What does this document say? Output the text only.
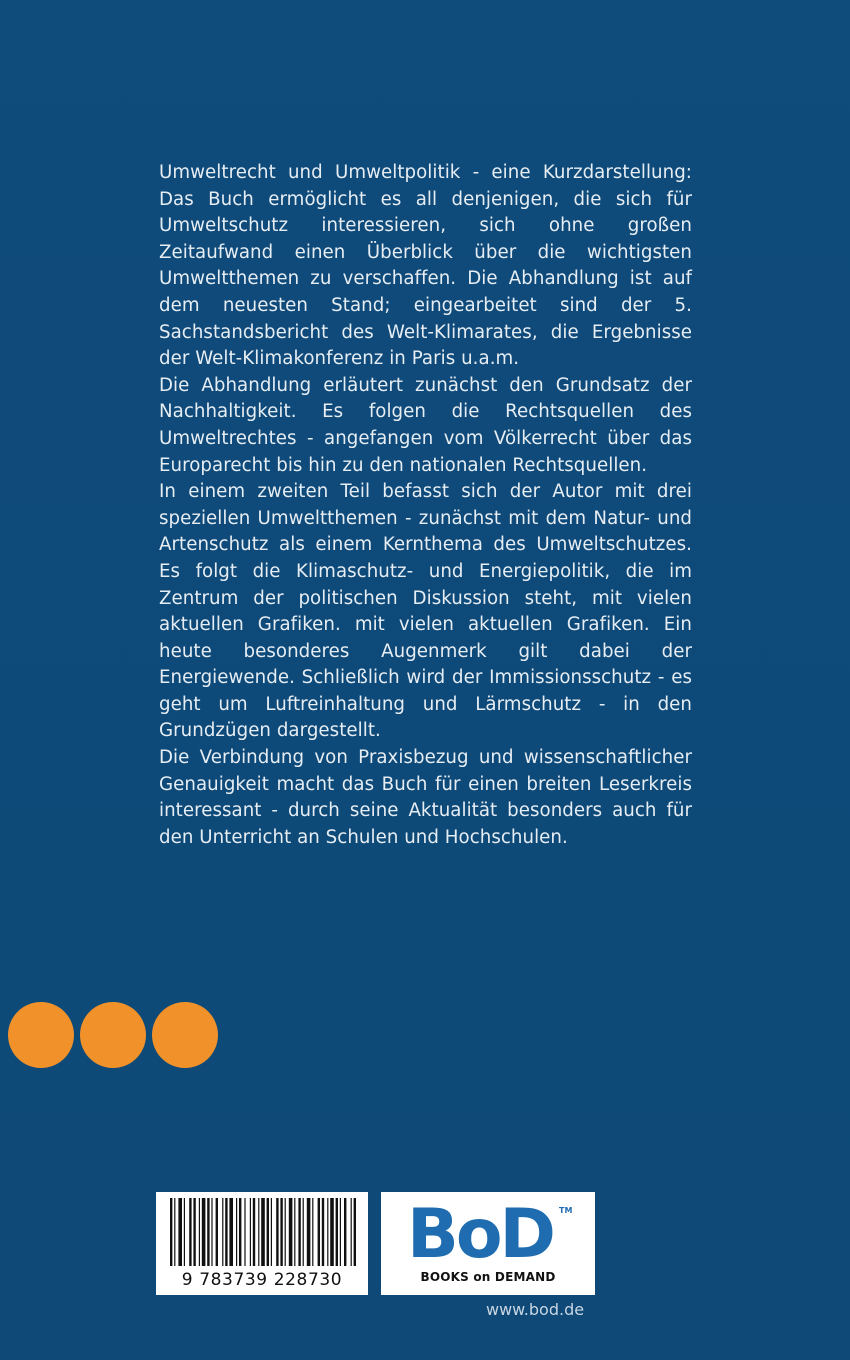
Umweltrecht und Umweltpolitik - eine Kurzdarstellung: Das Buch ermöglicht es all denjenigen, die sich für Umweltschutz interessieren, sich ohne großen Zeitaufwand einen Überblick über die wichtigsten Umweltthemen zu verschaffen. Die Abhandlung ist auf dem neuesten Stand; eingearbeitet sind der 5. Sachstandsbericht des Welt-Klimarates, die Ergebnisse der Welt-Klimakonferenz in Paris u.a.m.

Die Abhandlung erläutert zunächst den Grundsatz der Nachhaltigkeit. Es folgen die Rechtsquellen des Umweltrechtes - angefangen vom Völkerrecht über das Europarecht bis hin zu den nationalen Rechtsquellen.

In einem zweiten Teil befasst sich der Autor mit drei speziellen Umweltthemen - zunächst mit dem Natur- und Artenschutz als einem Kernthema des Umweltschutzes. Es folgt die Klimaschutz- und Energiepolitik, die im Zentrum der politischen Diskussion steht, mit vielen aktuellen Grafiken. mit vielen aktuellen Grafiken. Ein heute besonderes Augenmerk gilt dabei der Energiewende. Schließlich wird der Immissionsschutz - es geht um Luftreinhaltung und Lärmschutz - in den Grundzügen dargestellt.

Die Verbindung von Praxisbezug und wissenschaftlicher Genauigkeit macht das Buch für einen breiten Leserkreis interessant - durch seine Aktualität besonders auch für den Unterricht an Schulen und Hochschulen.

9 783739 228730
BoD TM
BOOKS on DEMAND
www.bod.de
